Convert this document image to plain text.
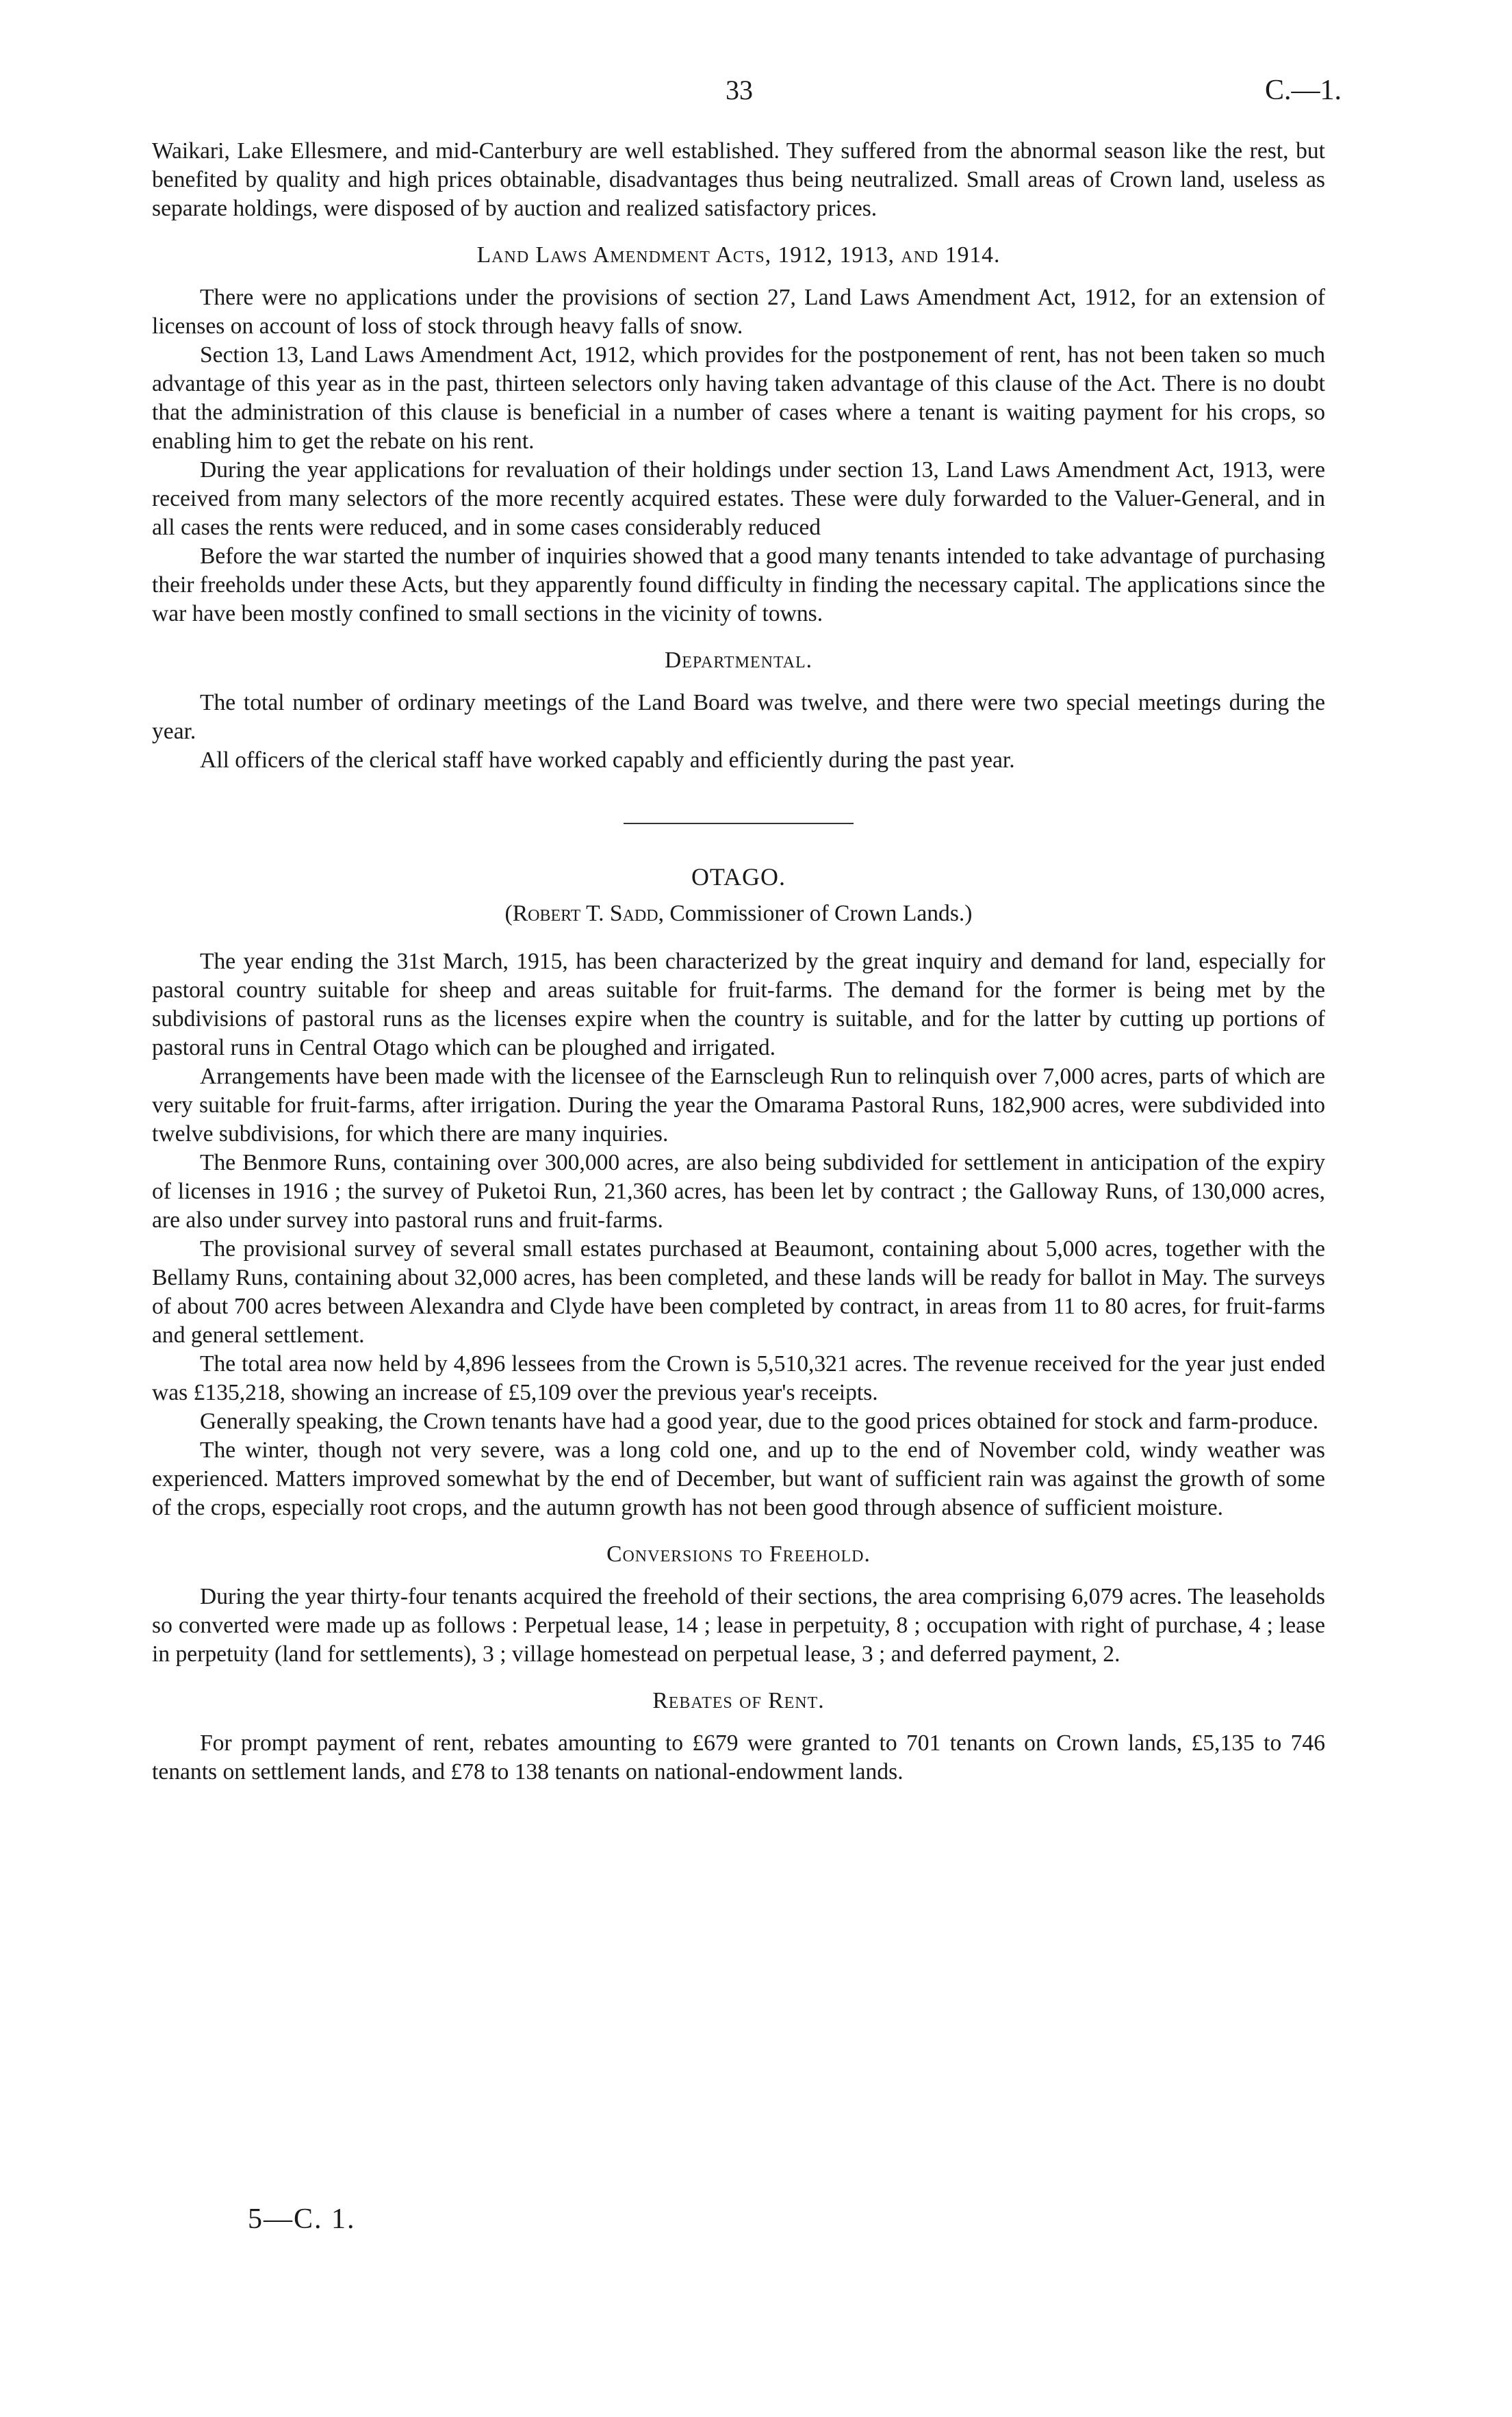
33	C.—1.

Waikari, Lake Ellesmere, and mid-Canterbury are well established. They suffered from the abnormal season like the rest, but benefited by quality and high prices obtainable, disadvantages thus being neutralized. Small areas of Crown land, useless as separate holdings, were disposed of by auction and realized satisfactory prices.

Land Laws Amendment Acts, 1912, 1913, and 1914.

There were no applications under the provisions of section 27, Land Laws Amendment Act, 1912, for an extension of licenses on account of loss of stock through heavy falls of snow.

Section 13, Land Laws Amendment Act, 1912, which provides for the postponement of rent, has not been taken so much advantage of this year as in the past, thirteen selectors only having taken advantage of this clause of the Act. There is no doubt that the administration of this clause is beneficial in a number of cases where a tenant is waiting payment for his crops, so enabling him to get the rebate on his rent.

During the year applications for revaluation of their holdings under section 13, Land Laws Amendment Act, 1913, were received from many selectors of the more recently acquired estates. These were duly forwarded to the Valuer-General, and in all cases the rents were reduced, and in some cases considerably reduced

Before the war started the number of inquiries showed that a good many tenants intended to take advantage of purchasing their freeholds under these Acts, but they apparently found difficulty in finding the necessary capital. The applications since the war have been mostly confined to small sections in the vicinity of towns.

Departmental.

The total number of ordinary meetings of the Land Board was twelve, and there were two special meetings during the year.

All officers of the clerical staff have worked capably and efficiently during the past year.

OTAGO.
(Robert T. Sadd, Commissioner of Crown Lands.)

The year ending the 31st March, 1915, has been characterized by the great inquiry and demand for land, especially for pastoral country suitable for sheep and areas suitable for fruit-farms. The demand for the former is being met by the subdivisions of pastoral runs as the licenses expire when the country is suitable, and for the latter by cutting up portions of pastoral runs in Central Otago which can be ploughed and irrigated.

Arrangements have been made with the licensee of the Earnscleugh Run to relinquish over 7,000 acres, parts of which are very suitable for fruit-farms, after irrigation. During the year the Omarama Pastoral Runs, 182,900 acres, were subdivided into twelve subdivisions, for which there are many inquiries.

The Benmore Runs, containing over 300,000 acres, are also being subdivided for settlement in anticipation of the expiry of licenses in 1916 ; the survey of Puketoi Run, 21,360 acres, has been let by contract ; the Galloway Runs, of 130,000 acres, are also under survey into pastoral runs and fruit-farms.

The provisional survey of several small estates purchased at Beaumont, containing about 5,000 acres, together with the Bellamy Runs, containing about 32,000 acres, has been completed, and these lands will be ready for ballot in May. The surveys of about 700 acres between Alexandra and Clyde have been completed by contract, in areas from 11 to 80 acres, for fruit-farms and general settlement.

The total area now held by 4,896 lessees from the Crown is 5,510,321 acres. The revenue received for the year just ended was £135,218, showing an increase of £5,109 over the previous year's receipts.

Generally speaking, the Crown tenants have had a good year, due to the good prices obtained for stock and farm-produce.

The winter, though not very severe, was a long cold one, and up to the end of November cold, windy weather was experienced. Matters improved somewhat by the end of December, but want of sufficient rain was against the growth of some of the crops, especially root crops, and the autumn growth has not been good through absence of sufficient moisture.

Conversions to Freehold.

During the year thirty-four tenants acquired the freehold of their sections, the area comprising 6,079 acres. The leaseholds so converted were made up as follows : Perpetual lease, 14 ; lease in perpetuity, 8 ; occupation with right of purchase, 4 ; lease in perpetuity (land for settlements), 3 ; village homestead on perpetual lease, 3 ; and deferred payment, 2.

Rebates of Rent.

For prompt payment of rent, rebates amounting to £679 were granted to 701 tenants on Crown lands, £5,135 to 746 tenants on settlement lands, and £78 to 138 tenants on national-endowment lands.

5—C. 1.
